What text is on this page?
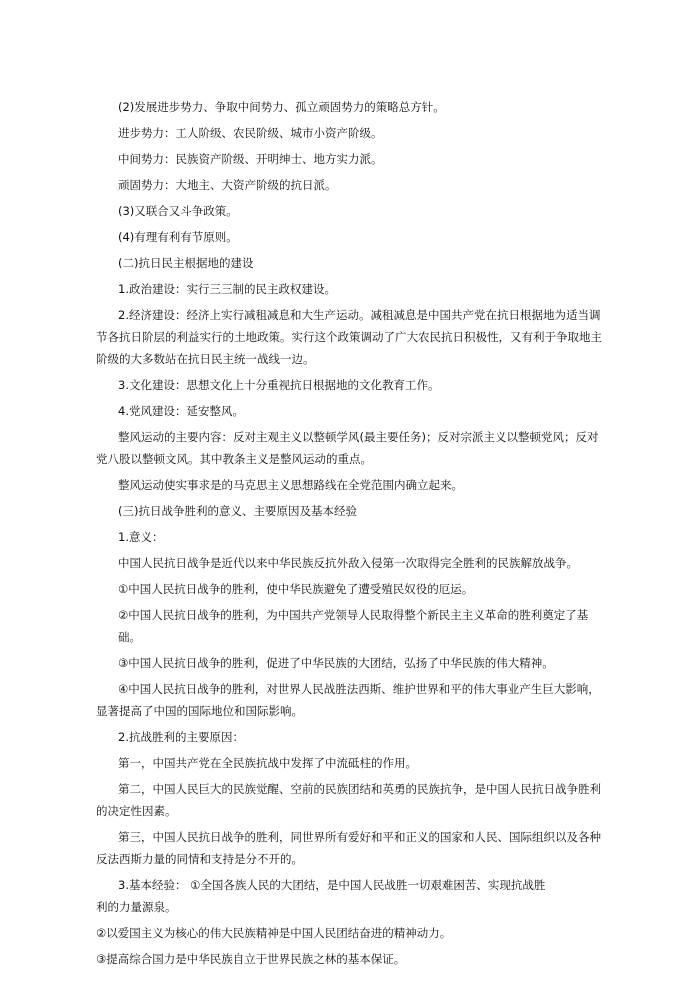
(2)发展进步势力、争取中间势力、孤立顽固势力的策略总方针。

进步势力：工人阶级、农民阶级、城市小资产阶级。

中间势力：民族资产阶级、开明绅士、地方实力派。

顽固势力：大地主、大资产阶级的抗日派。

(3)又联合又斗争政策。

(4)有理有利有节原则。

(二)抗日民主根据地的建设

1.政治建设：实行三三制的民主政权建设。

2.经济建设：经济上实行减租减息和大生产运动。减租减息是中国共产党在抗日根据地为适当调节各抗日阶层的利益实行的土地政策。实行这个政策调动了广大农民抗日积极性，又有利于争取地主阶级的大多数站在抗日民主统一战线一边。

3.文化建设：思想文化上十分重视抗日根据地的文化教育工作。

4.党风建设：延安整风。

整风运动的主要内容：反对主观主义以整顿学风(最主要任务)；反对宗派主义以整顿党风；反对党八股以整顿文风。其中教条主义是整风运动的重点。

整风运动使实事求是的马克思主义思想路线在全党范围内确立起来。

(三)抗日战争胜利的意义、主要原因及基本经验

1.意义：

中国人民抗日战争是近代以来中华民族反抗外敌入侵第一次取得完全胜利的民族解放战争。

①中国人民抗日战争的胜利，使中华民族避免了遭受殖民奴役的厄运。

②中国人民抗日战争的胜利，为中国共产党领导人民取得整个新民主主义革命的胜利奠定了基础。

③中国人民抗日战争的胜利，促进了中华民族的大团结，弘扬了中华民族的伟大精神。

④中国人民抗日战争的胜利，对世界人民战胜法西斯、维护世界和平的伟大事业产生巨大影响，显著提高了中国的国际地位和国际影响。

2.抗战胜利的主要原因：

第一，中国共产党在全民族抗战中发挥了中流砥柱的作用。

第二，中国人民巨大的民族觉醒、空前的民族团结和英勇的民族抗争，是中国人民抗日战争胜利的决定性因素。

第三，中国人民抗日战争的胜利，同世界所有爱好和平和正义的国家和人民、国际组织以及各种反法西斯力量的同情和支持是分不开的。

3.基本经验： ①全国各族人民的大团结，是中国人民战胜一切艰难困苦、实现抗战胜

利的力量源泉。

②以爱国主义为核心的伟大民族精神是中国人民团结奋进的精神动力。

③提高综合国力是中华民族自立于世界民族之林的基本保证。
